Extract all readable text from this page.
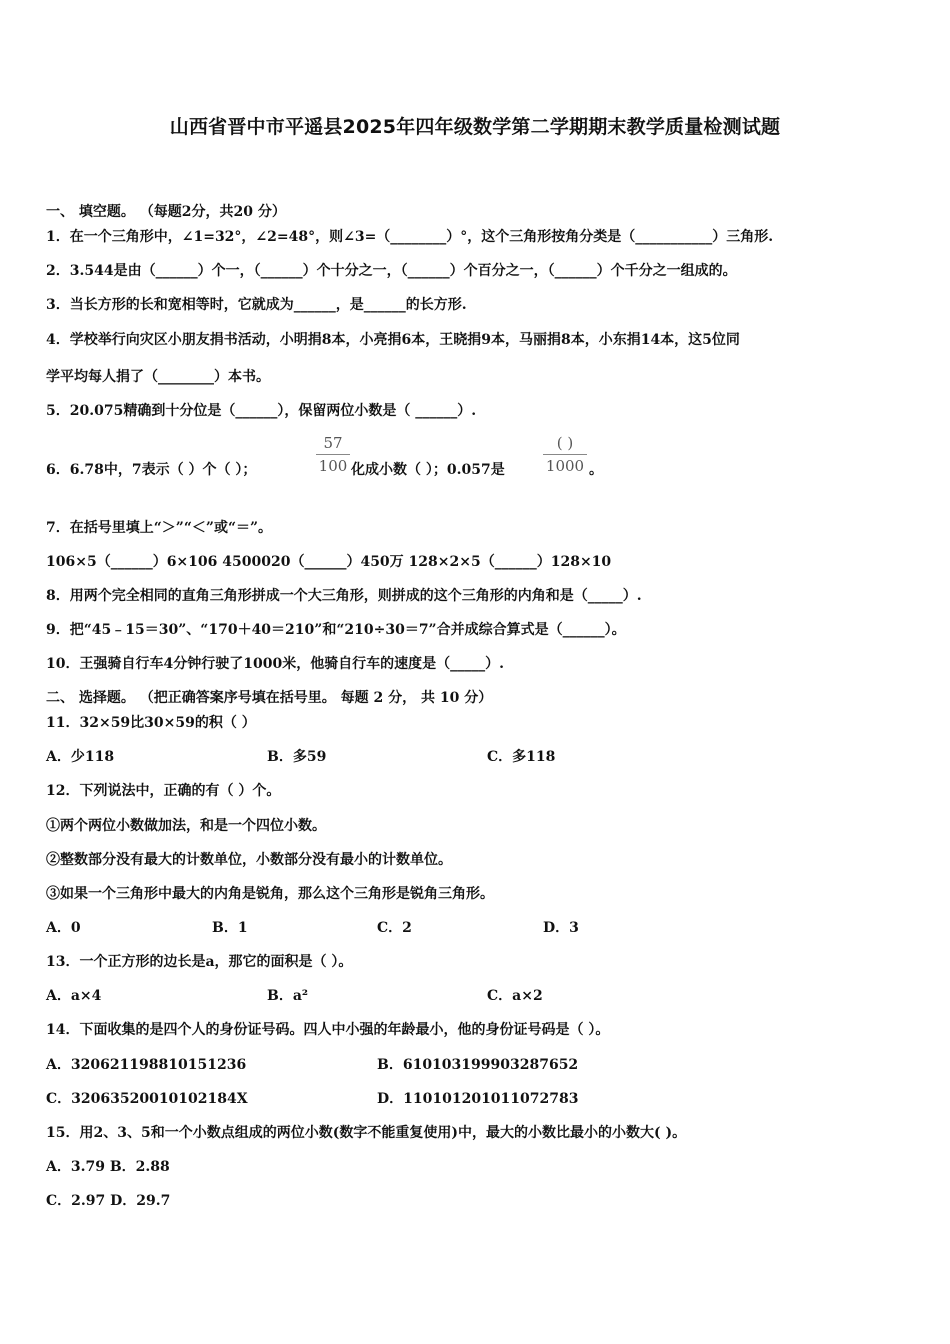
山西省晋中市平遥县2025年四年级数学第二学期期末教学质量检测试题
一、 填空题。 （每题2分，共20 分）
1．在一个三角形中，∠1=32°，∠2=48°，则∠3=（________）°，这个三角形按角分类是（___________）三角形.
2．3.544是由（______）个一，（______）个十分之一，（______）个百分之一，（______）个千分之一组成的。
3．当长方形的长和宽相等时，它就成为______，是______的长方形.
4．学校举行向灾区小朋友捐书活动，小明捐8本，小亮捐6本，王晓捐9本，马丽捐8本，小东捐14本，这5位同
学平均每人捐了（________）本书。
5．20.075精确到十分位是（______），保留两位小数是（ ______）.
6．6.78中，7表示（ ）个（ ）；
57
100 化成小数（ ）；0.057是
( )
1000 。
7．在括号里填上“＞”“＜”或“＝”。
106×5（______）6×106 4500020（______）450万 128×2×5（______）128×10
8．用两个完全相同的直角三角形拼成一个大三角形，则拼成的这个三角形的内角和是（_____）.
9．把“45﹣15＝30”、“170＋40＝210”和“210÷30＝7”合并成综合算式是（______）。
10．王强骑自行车4分钟行驶了1000米，他骑自行车的速度是（_____）.
二、 选择题。 （把正确答案序号填在括号里。 每题 2 分， 共 10 分）
11．32×59比30×59的积（ ）
A．少118	B．多59	C．多118
12．下列说法中，正确的有（ ）个。
①两个两位小数做加法，和是一个四位小数。
②整数部分没有最大的计数单位，小数部分没有最小的计数单位。
③如果一个三角形中最大的内角是锐角，那么这个三角形是锐角三角形。
A．0	B．1	C．2	D．3
13．一个正方形的边长是a，那它的面积是（ ）。
A．a×4	B．a²	C．a×2
14．下面收集的是四个人的身份证号码。四人中小强的年龄最小，他的身份证号码是（ ）。
A．320621198810151236	B．610103199903287652
C．32063520010102184X	D．110101201011072783
15．用2、3、5和一个小数点组成的两位小数(数字不能重复使用)中，最大的小数比最小的小数大( )。
A．3.79 B．2.88
C．2.97 D．29.7
